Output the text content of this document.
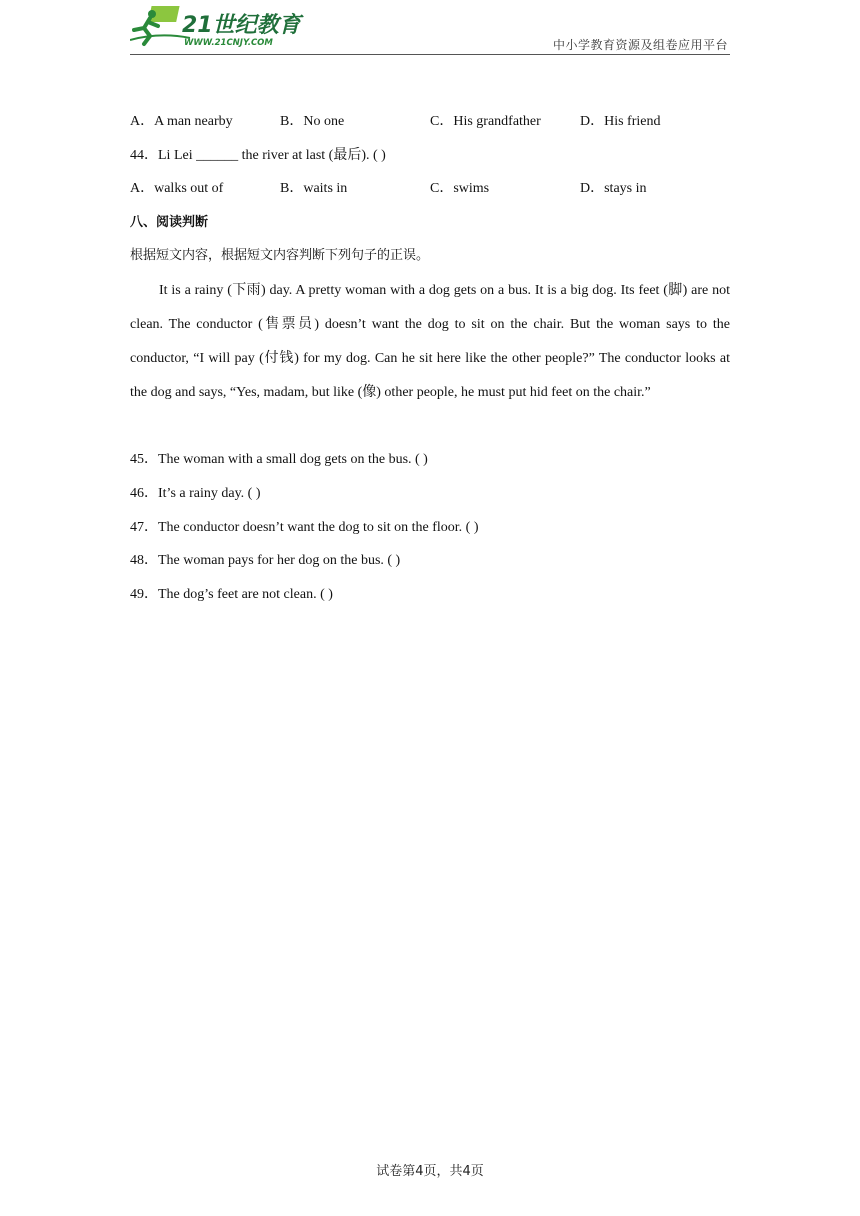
21世纪教育
WWW.21CNJY.COM	中小学教育资源及组卷应用平台
A．A man nearby	B．No one	C．His grandfather	D．His friend
44．Li Lei ______ the river at last (最后). ( )
A．walks out of	B．waits in	C．swims	D．stays in
八、阅读判断
根据短文内容，根据短文内容判断下列句子的正误。
It is a rainy (下雨) day. A pretty woman with a dog gets on a bus. It is a big dog. Its feet (脚) are not clean. The conductor (售票员) doesn’t want the dog to sit on the chair. But the woman says to the conductor, “I will pay (付钱) for my dog. Can he sit here like the other people?” The conductor looks at the dog and says, “Yes, madam, but like (像) other people, he must put hid feet on the chair.”
45．The woman with a small dog gets on the bus. ( )
46．It’s a rainy day. ( )
47．The conductor doesn’t want the dog to sit on the floor. ( )
48．The woman pays for her dog on the bus. ( )
49．The dog’s feet are not clean. ( )
试卷第4页，共4页
